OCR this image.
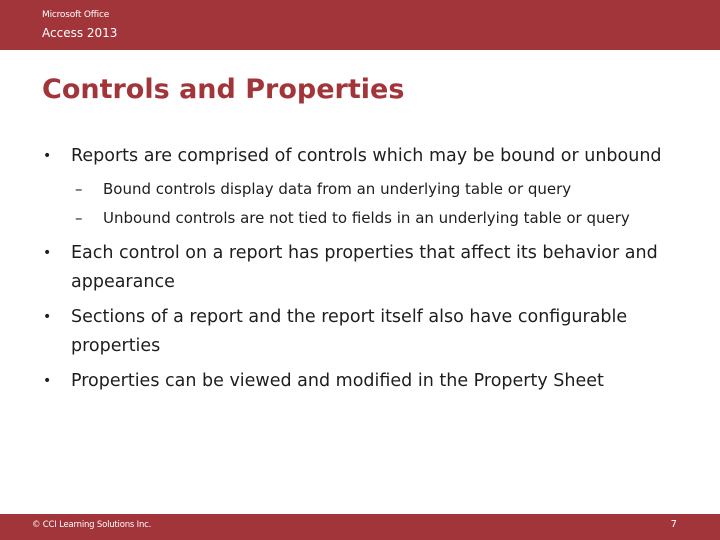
Microsoft Office
Access 2013
Controls and Properties
• Reports are comprised of controls which may be bound or unbound
– Bound controls display data from an underlying table or query
– Unbound controls are not tied to fields in an underlying table or query
• Each control on a report has properties that affect its behavior and appearance
• Sections of a report and the report itself also have configurable properties
• Properties can be viewed and modified in the Property Sheet
© CCI Learning Solutions Inc.	7
